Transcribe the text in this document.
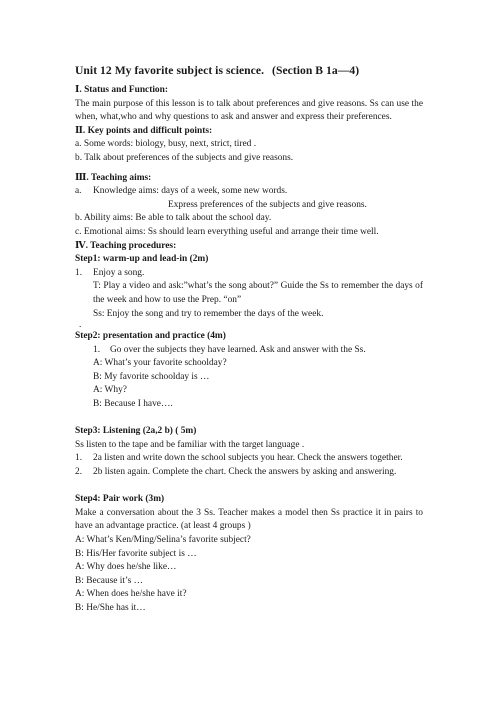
Unit 12 My favorite subject is science. (Section B 1a—4)

Ⅰ. Status and Function:

The main purpose of this lesson is to talk about preferences and give reasons. Ss can use the when, what,who and why questions to ask and answer and express their preferences.

Ⅱ. Key points and difficult points:

a. Some words: biology, busy, next, strict, tired .

b. Talk about preferences of the subjects and give reasons.

Ⅲ. Teaching aims:

a.	Knowledge aims: days of a week, some new words.

Express preferences of the subjects and give reasons.

b. Ability aims: Be able to talk about the school day.

c. Emotional aims: Ss should learn everything useful and arrange their time well.

Ⅳ. Teaching procedures:

Step1: warm-up and lead-in (2m)

1.	Enjoy a song.

T: Play a video and ask:”what’s the song about?” Guide the Ss to remember the days of the week and how to use the Prep. “on”

Ss: Enjoy the song and try to remember the days of the week.

.

Step2: presentation and practice (4m)

1.	Go over the subjects they have learned. Ask and answer with the Ss.

A: What’s your favorite schoolday?

B: My favorite schoolday is …

A: Why?

B: Because I have….

Step3: Listening (2a,2 b) ( 5m)

Ss listen to the tape and be familiar with the target language .

1.	2a listen and write down the school subjects you hear. Check the answers together.
2.	2b listen again. Complete the chart. Check the answers by asking and answering.

Step4: Pair work (3m)

Make a conversation about the 3 Ss. Teacher makes a model then Ss practice it in pairs to have an advantage practice. (at least 4 groups )

A: What’s Ken/Ming/Selina’s favorite subject?

B: His/Her favorite subject is …

A: Why does he/she like…

B: Because it’s …

A: When does he/she have it?

B: He/She has it…
